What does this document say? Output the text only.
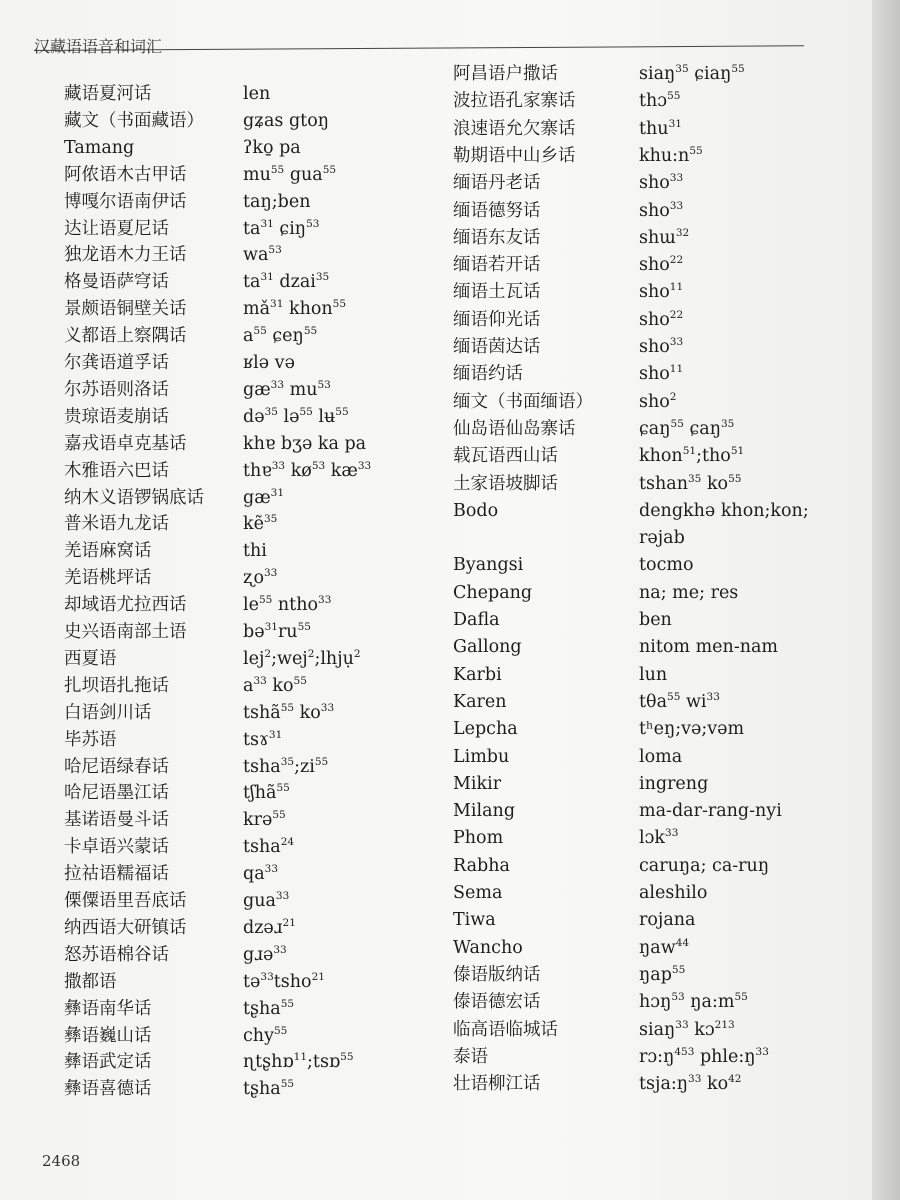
汉藏语语音和词汇
藏语夏河话	len
藏文（书面藏语） gʑas gtoŋ
Tamang	ʔko̱ pa
阿侬语木古甲话	$mu^{55}$ gua$^{55}$
博嘎尔语南伊话	taŋ;ben
达让语夏尼话	$ta^{31}$ ɕiŋ$^{53}$
独龙语木力王话	$wa^{53}$
格曼语萨穹话	$ta^{31}$ dzai$^{35}$
景颇语铜壁关话	$mǎ^{31}$ khon$^{55}$
义都语上察隅话	$a^{55}$ ɕeŋ$^{55}$
尔龚语道孚话	ʁlə və
尔苏语则洛话	$gæ^{33}$ $mu^{53}$
贵琼语麦崩话	də$^{35}$ lə$^{55}$ lʉ$^{55}$
嘉戎语卓克基话	khɐ bʒə ka pa
木雅语六巴话	thɐ$^{33}$ $kø^{53}$ $kæ^{33}$
纳木义语锣锅底话 $gæ^{31}$
普米语九龙话	kẽ$^{35}$
羌语麻窝话	thi
羌语桃坪话	ʐo$^{33}$
却域语尤拉西话	$le^{55}$ ntho$^{33}$
史兴语南部土语	$bə^{31}ru^{55}$
西夏语	lej$^2$;wej$^2$;lhjụ$^2$
扎坝语扎拖话	$a^{33}$ $ko^{55}$
白语剑川话	tshã$^{55}$ $ko^{33}$
毕苏语	tsɤ$^{31}$
哈尼语绿春话	$tsha^{35};zi^{55}$
哈尼语墨江话	tʃhã$^{55}$
基诺语曼斗话	krə$^{55}$
卡卓语兴蒙话	tsha$^{24}$
拉祜语糯福话	$qa^{33}$
傈僳语里吾底话	gua$^{33}$
纳西语大研镇话	dzəɹ$^{21}$
怒苏语棉谷话	gɹə$^{33}$
撒都语	tə$^{33}$tsho$^{21}$
彝语南华话	tʂha$^{55}$
彝语巍山话	chy$^{55}$
彝语武定话	ɳtʂhɒ$^{11}$;tsɒ$^{55}$
彝语喜德话	tʂha$^{55}$
阿昌语户撒话	siaŋ$^{35}$ ɕiaŋ$^{55}$
波拉语孔家寨话	thɔ$^{55}$
浪速语允欠寨话	thu$^{31}$
勒期语中山乡话	$khu:n^{55}$
缅语丹老话	sho$^{33}$
缅语德努话	sho$^{33}$
缅语东友话	shɯ$^{32}$
缅语若开话	sho$^{22}$
缅语土瓦话	sho$^{11}$
缅语仰光话	sho$^{22}$
缅语茵达话	sho$^{33}$
缅语约话	sho$^{11}$
缅文（书面缅语）	sho$^2$
仙岛语仙岛寨话	ɕaŋ$^{55}$ ɕaŋ$^{35}$
载瓦语西山话	khon$^{51}$;tho$^{51}$
土家语坡脚话	tshan$^{35}$ $ko^{55}$
Bodo	dengkhə khon;kon;
rəjab
Byangsi	tocmo
Chepang	na; me; res
Dafla	ben
Gallong	nitom men-nam
Karbi	lun
Karen	tθa$^{55}$ $wi^{33}$
Lepcha	tʰeŋ;və;vəm
Limbu	loma
Mikir	ingreng
Milang	ma-dar-rang-nyi
Phom	lɔk$^{33}$
Rabha	caruŋa; ca-ruŋ
Sema	aleshilo
Tiwa	rojana
Wancho	ŋaw$^{44}$
傣语版纳话	ŋap$^{55}$
傣语德宏话	hɔŋ$^{53}$ $ŋa:m^{55}$
临高语临城话	siaŋ$^{33}$ kɔ$^{213}$
泰语	$rɔ:ŋ^{453}$ $phle:ŋ^{33}$
壮语柳江话	$tsja:ŋ^{33}$ $ko^{42}$
2468
